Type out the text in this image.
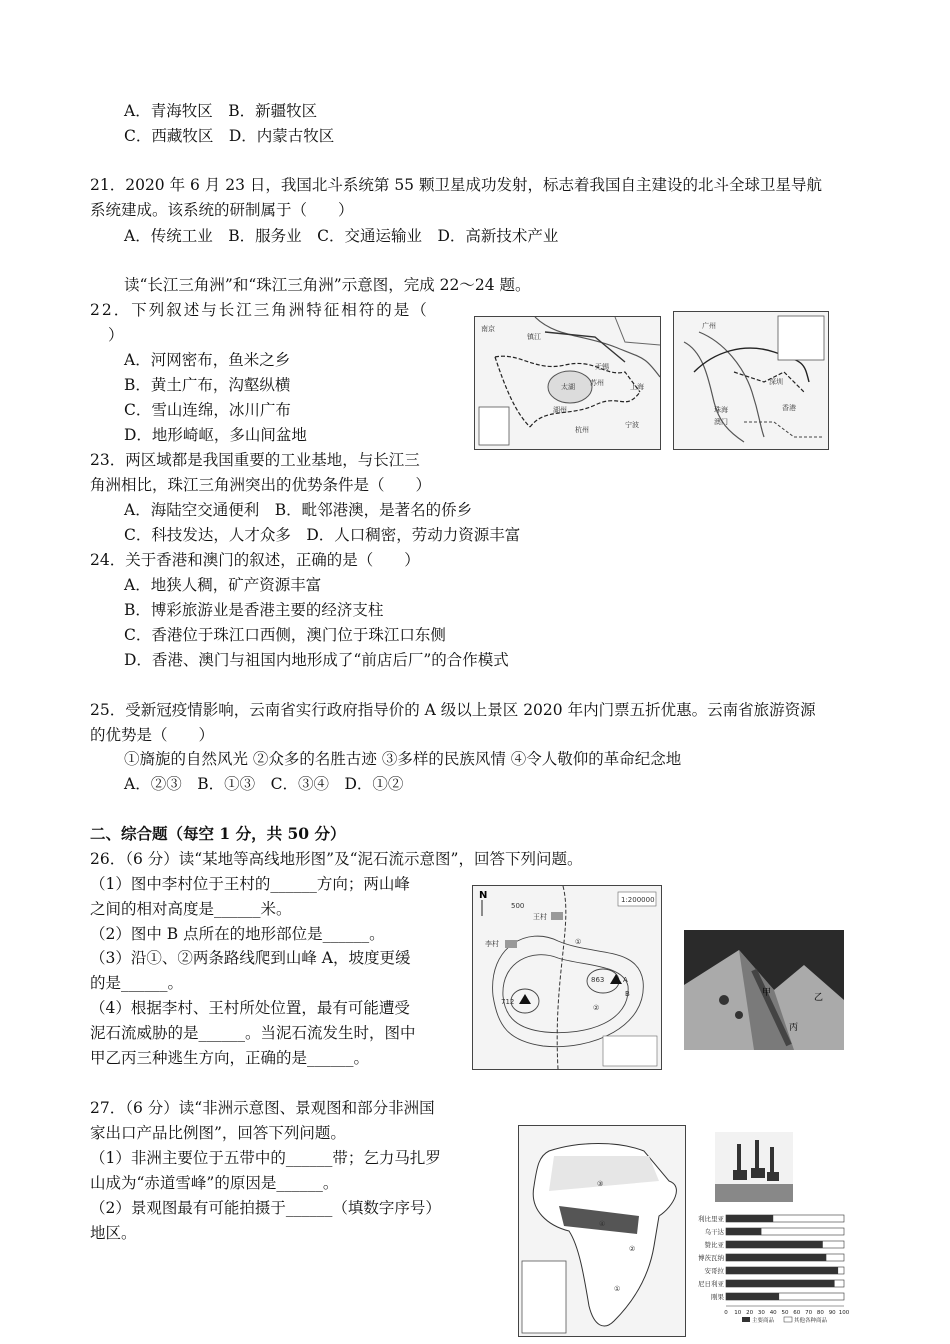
A．青海牧区　B．新疆牧区
C．西藏牧区　D．内蒙古牧区
21．2020 年 6 月 23 日，我国北斗系统第 55 颗卫星成功发射，标志着我国自主建设的北斗全球卫星导航
系统建成。该系统的研制属于（　　）
A．传统工业　B．服务业　C．交通运输业　D．高新技术产业
读“长江三角洲”和“珠江三角洲”示意图，完成 22～24 题。
22．下列叙述与长江三角洲特征相符的是（
）
A．河网密布，鱼米之乡
B．黄土广布，沟壑纵横
C．雪山连绵，冰川广布
D．地形崎岖，多山间盆地
23．两区域都是我国重要的工业基地，与长江三
角洲相比，珠江三角洲突出的优势条件是（　　）
A．海陆空交通便利　B．毗邻港澳，是著名的侨乡
C．科技发达，人才众多　D．人口稠密，劳动力资源丰富
24．关于香港和澳门的叙述，正确的是（　　）
A．地狭人稠，矿产资源丰富
B．博彩旅游业是香港主要的经济支柱
C．香港位于珠江口西侧，澳门位于珠江口东侧
D．香港、澳门与祖国内地形成了“前店后厂”的合作模式
25．受新冠疫情影响，云南省实行政府指导价的 A 级以上景区 2020 年内门票五折优惠。云南省旅游资源
的优势是（　　）
①旖旎的自然风光 ②众多的名胜古迹 ③多样的民族风情 ④令人敬仰的革命纪念地
A．②③　B．①③　C．③④　D．①②
二、综合题（每空 1 分，共 50 分）
26．（6 分）读“某地等高线地形图”及“泥石流示意图”，回答下列问题。
（1）图中李村位于王村的______方向；两山峰
之间的相对高度是______米。
（2）图中 B 点所在的地形部位是______。
（3）沿①、②两条路线爬到山峰 A，坡度更缓
的是______。
（4）根据李村、王村所处位置，最有可能遭受
泥石流威胁的是______。当泥石流发生时，图中
甲乙丙三种逃生方向，正确的是______。
27．（6 分）读“非洲示意图、景观图和部分非洲国
家出口产品比例图”，回答下列问题。
（1）非洲主要位于五带中的______带；乞力马扎罗
山成为“赤道雪峰”的原因是______。
（2）景观图最有可能拍摄于______（填数字序号）
地区。
南京
镇江
无锡
苏州	上海
湖州
杭州
宁波
太湖
广州
深圳
珠海
澳门
香港
N	1:200000
王村
李村
712
863	A
B
①
②
500
甲	乙
丙
③
④
②
①
利比里亚
乌干达
赞比亚
博茨瓦纳
安哥拉
尼日利亚
刚果
0 10 20 30 40 50 60 70 80 90 100
主要商品	其他各种商品
